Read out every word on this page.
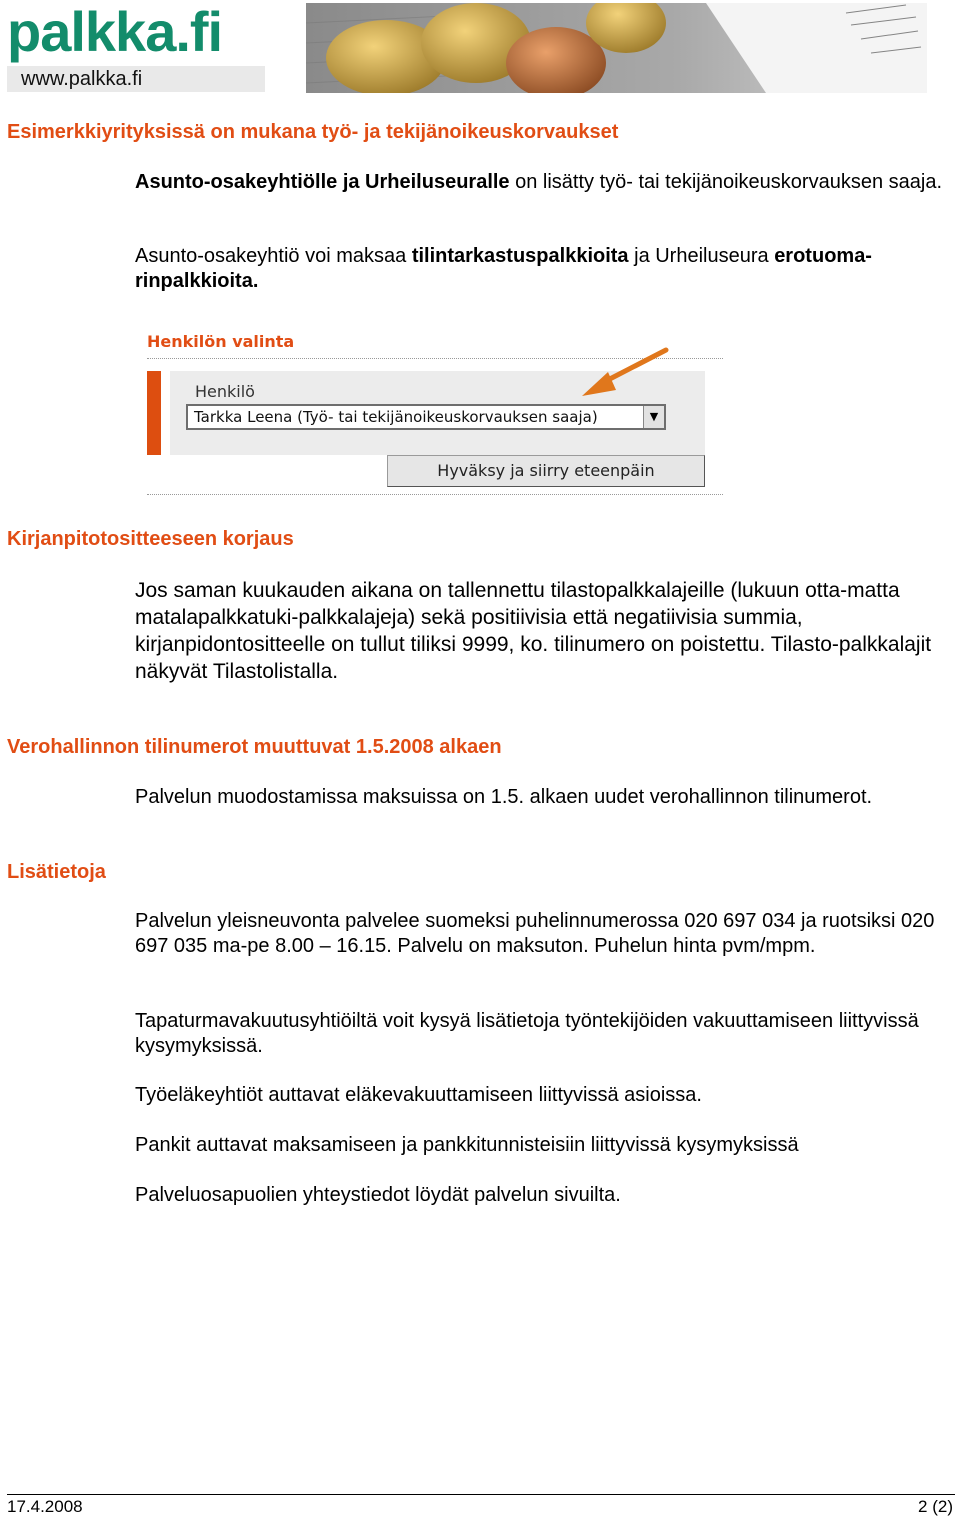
palkka.fi
www.palkka.fi
Esimerkkiyrityksissä on mukana työ- ja tekijänoikeuskorvaukset
Asunto-osakeyhtiölle ja Urheiluseuralle on lisätty työ- tai tekijänoikeuskorvauksen saaja.
Asunto-osakeyhtiö voi maksaa tilintarkastuspalkkioita ja Urheiluseura erotuoma-rinpalkkioita.
Henkilön valinta
Henkilö
Tarkka Leena (Työ- tai tekijänoikeuskorvauksen saaja)	▼
Hyväksy ja siirry eteenpäin
Kirjanpitotositteeseen korjaus
Jos saman kuukauden aikana on tallennettu tilastopalkkalajeille (lukuun otta-matta matalapalkkatuki-palkkalajeja) sekä positiivisia että negatiivisia summia, kirjanpidontositteelle on tullut tiliksi 9999, ko. tilinumero on poistettu. Tilasto-palkkalajit näkyvät Tilastolistalla.
Verohallinnon tilinumerot muuttuvat 1.5.2008 alkaen
Palvelun muodostamissa maksuissa on 1.5. alkaen uudet verohallinnon tilinumerot.
Lisätietoja
Palvelun yleisneuvonta palvelee suomeksi puhelinnumerossa 020 697 034 ja ruotsiksi 020 697 035 ma-pe 8.00 – 16.15. Palvelu on maksuton. Puhelun hinta pvm/mpm.
Tapaturmavakuutusyhtiöiltä voit kysyä lisätietoja työntekijöiden vakuuttamiseen liittyvissä kysymyksissä.
Työeläkeyhtiöt auttavat eläkevakuuttamiseen liittyvissä asioissa.
Pankit auttavat maksamiseen ja pankkitunnisteisiin liittyvissä kysymyksissä
Palveluosapuolien yhteystiedot löydät palvelun sivuilta.
17.4.2008	2 (2)
